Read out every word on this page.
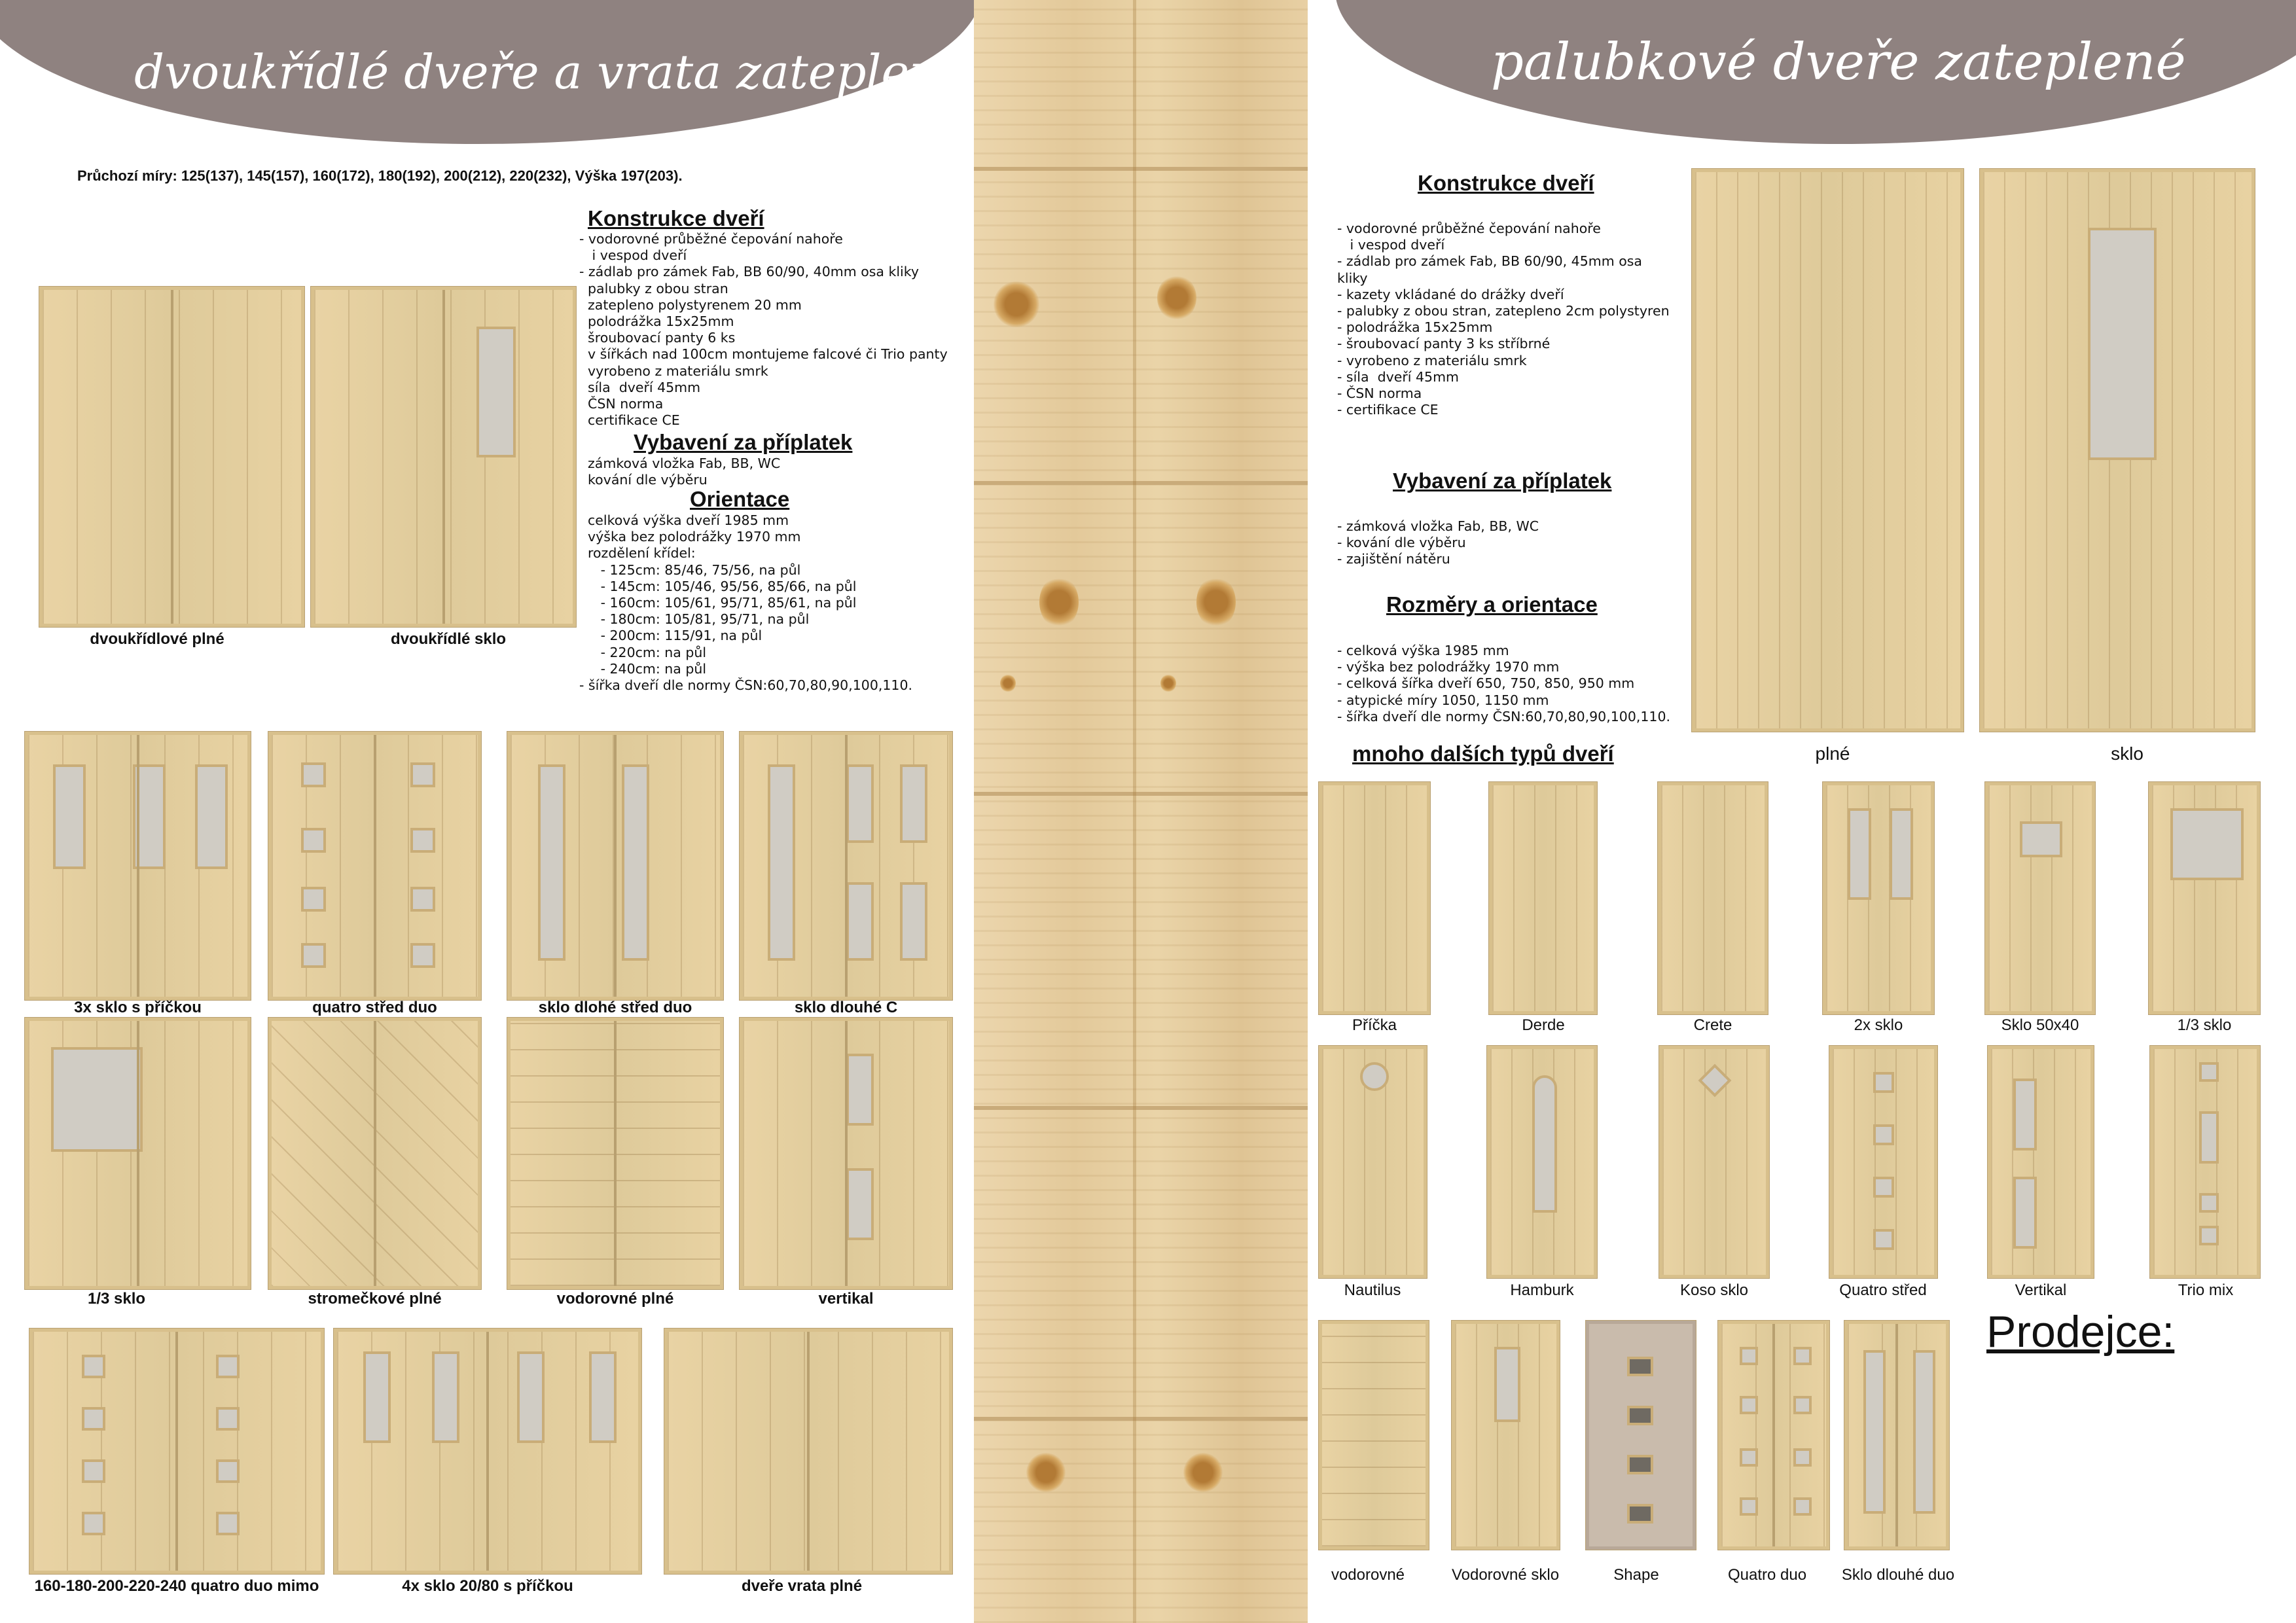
dvoukřídlé dveře a vrata zateplené
Průchozí míry: 125(137), 145(157), 160(172), 180(192), 200(212), 220(232), Výška 197(203).
Konstrukce dveří
- vodorovné průběžné čepování nahoře
i vespod dveří
- zádlab pro zámek Fab, BB 60/90, 40mm osa kliky
palubky z obou stran
zatepleno polystyrenem 20 mm
polodrážka 15x25mm
šroubovací panty 6 ks
v šířkách nad 100cm montujeme falcové či Trio panty
vyrobeno z materiálu smrk
síla  dveří 45mm
ČSN norma
certifikace CE
Vybavení za příplatek
zámková vložka Fab, BB, WC
kování dle výběru
Orientace
celková výška dveří 1985 mm
výška bez polodrážky 1970 mm
rozdělení křídel:
- 125cm: 85/46, 75/56, na půl
- 145cm: 105/46, 95/56, 85/66, na půl
- 160cm: 105/61, 95/71, 85/61, na půl
- 180cm: 105/81, 95/71, na půl
- 200cm: 115/91, na půl
- 220cm: na půl
- 240cm: na půl
- šířka dveří dle normy ČSN:60,70,80,90,100,110.
dvoukřídlové plné	dvoukřídlé sklo
3x sklo s příčkou	quatro střed duo	sklo dlohé střed duo	sklo dlouhé C
1/3 sklo	stromečkové plné	vodorovné plné	vertikal
160-180-200-220-240 quatro duo mimo	4x sklo 20/80 s příčkou	dveře vrata plné
palubkové dveře zateplené
Konstrukce dveří
- vodorovné průběžné čepování nahoře
i vespod dveří
- zádlab pro zámek Fab, BB 60/90, 45mm osa
kliky
- kazety vkládané do drážky dveří
- palubky z obou stran, zatepleno 2cm polystyren
- polodrážka 15x25mm
- šroubovací panty 3 ks stříbrné
- vyrobeno z materiálu smrk
- síla  dveří 45mm
- ČSN norma
- certifikace CE
Vybavení za příplatek
- zámková vložka Fab, BB, WC
- kování dle výběru
- zajištění nátěru
Rozměry a orientace
- celková výška 1985 mm
- výška bez polodrážky 1970 mm
- celková šířka dveří 650, 750, 850, 950 mm
- atypické míry 1050, 1150 mm
- šířka dveří dle normy ČSN:60,70,80,90,100,110.
plné	sklo
mnoho dalších typů dveří
Příčka	Derde	Crete	2x sklo	Sklo 50x40	1/3 sklo
Nautilus	Hamburk	Koso sklo	Quatro střed	Vertikal	Trio mix
vodorovné	Vodorovné sklo	Shape	Quatro duo	Sklo dlouhé duo
Prodejce:
